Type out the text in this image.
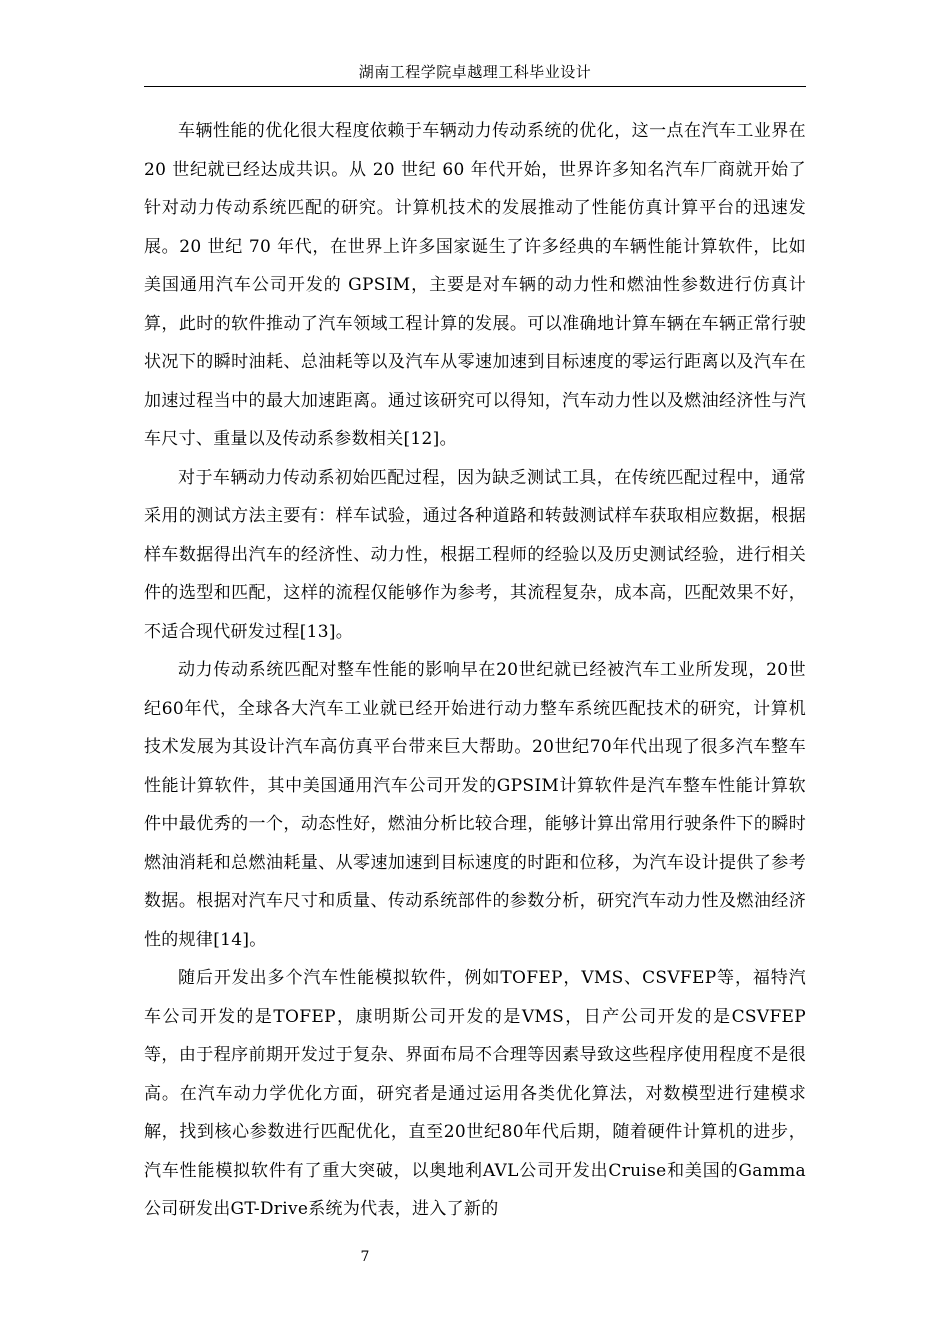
湖南工程学院卓越理工科毕业设计

车辆性能的优化很大程度依赖于车辆动力传动系统的优化，这一点在汽车工业界在 20 世纪就已经达成共识。从 20 世纪 60 年代开始，世界许多知名汽车厂商就开始了针对动力传动系统匹配的研究。计算机技术的发展推动了性能仿真计算平台的迅速发展。20 世纪 70 年代，在世界上许多国家诞生了许多经典的车辆性能计算软件，比如美国通用汽车公司开发的 GPSIM，主要是对车辆的动力性和燃油性参数进行仿真计算，此时的软件推动了汽车领域工程计算的发展。可以准确地计算车辆在车辆正常行驶状况下的瞬时油耗、总油耗等以及汽车从零速加速到目标速度的零运行距离以及汽车在加速过程当中的最大加速距离。通过该研究可以得知，汽车动力性以及燃油经济性与汽车尺寸、重量以及传动系参数相关[12]。

对于车辆动力传动系初始匹配过程，因为缺乏测试工具，在传统匹配过程中，通常采用的测试方法主要有：样车试验，通过各种道路和转鼓测试样车获取相应数据，根据样车数据得出汽车的经济性、动力性，根据工程师的经验以及历史测试经验，进行相关件的选型和匹配，这样的流程仅能够作为参考，其流程复杂，成本高，匹配效果不好，不适合现代研发过程[13]。

动力传动系统匹配对整车性能的影响早在20世纪就已经被汽车工业所发现，20世纪60年代，全球各大汽车工业就已经开始进行动力整车系统匹配技术的研究，计算机技术发展为其设计汽车高仿真平台带来巨大帮助。20世纪70年代出现了很多汽车整车性能计算软件，其中美国通用汽车公司开发的GPSIM计算软件是汽车整车性能计算软件中最优秀的一个，动态性好，燃油分析比较合理，能够计算出常用行驶条件下的瞬时燃油消耗和总燃油耗量、从零速加速到目标速度的时距和位移，为汽车设计提供了参考数据。根据对汽车尺寸和质量、传动系统部件的参数分析，研究汽车动力性及燃油经济性的规律[14]。

随后开发出多个汽车性能模拟软件，例如TOFEP，VMS、CSVFEP等，福特汽车公司开发的是TOFEP，康明斯公司开发的是VMS，日产公司开发的是CSVFEP等，由于程序前期开发过于复杂、界面布局不合理等因素导致这些程序使用程度不是很高。在汽车动力学优化方面，研究者是通过运用各类优化算法，对数模型进行建模求解，找到核心参数进行匹配优化，直至20世纪80年代后期，随着硬件计算机的进步，汽车性能模拟软件有了重大突破，以奥地利AVL公司开发出Cruise和美国的Gamma公司研发出GT-Drive系统为代表，进入了新的

7
